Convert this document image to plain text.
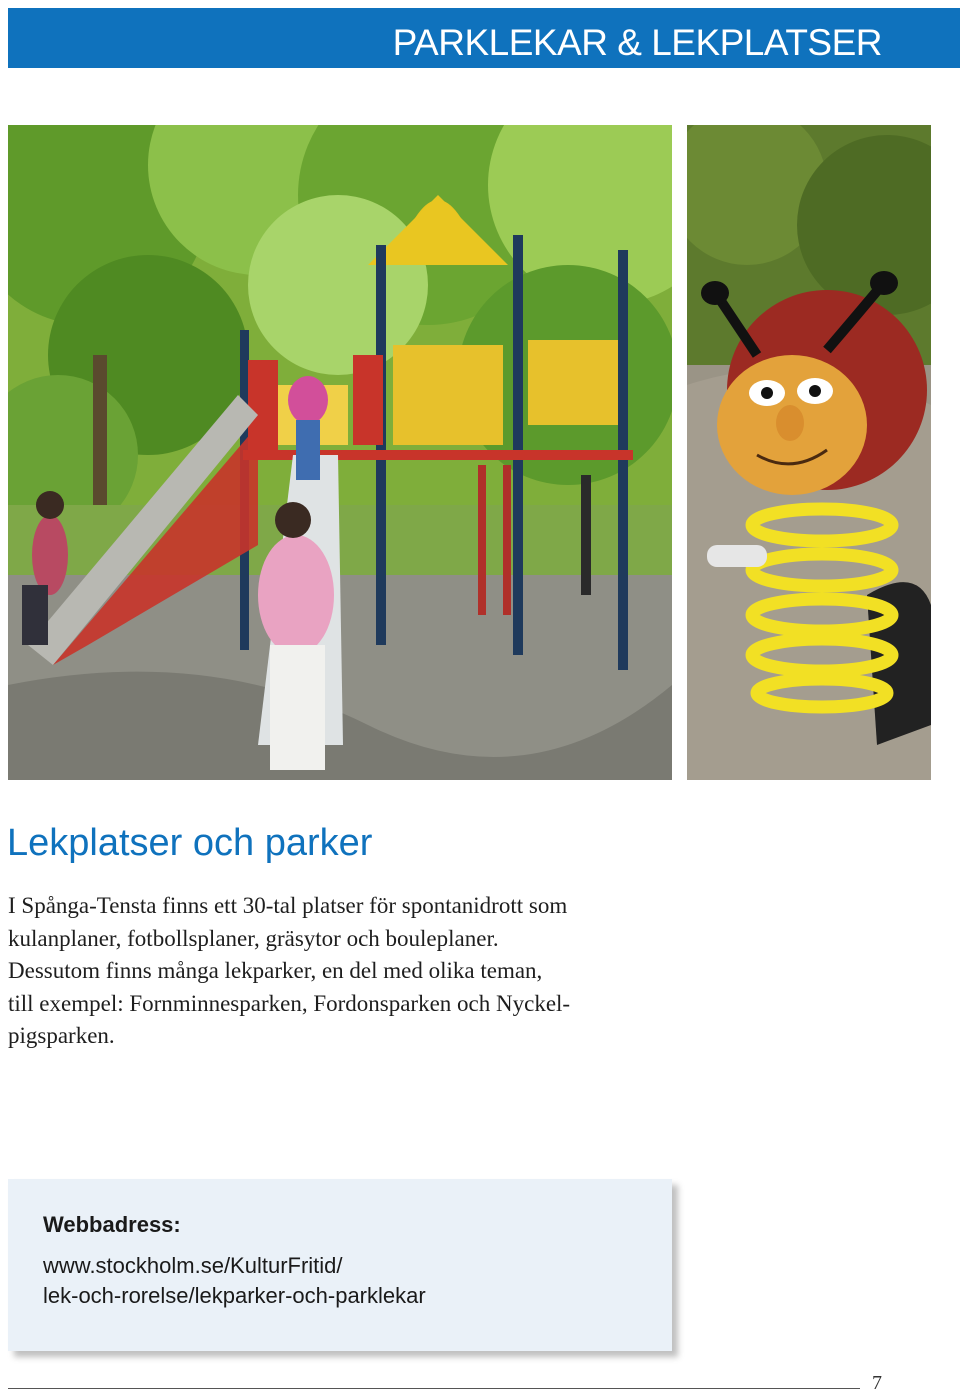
PARKLEKAR & LEKPLATSER
Lekplatser och parker
I Spånga-Tensta finns ett 30-tal platser för spontanidrott som
kulanplaner, fotbollsplaner, gräsytor och bouleplaner.
Dessutom finns många lekparker, en del med olika teman,
till exempel: Fornminnesparken, Fordonsparken och Nyckel-
pigsparken.
Webbadress:
www.stockholm.se/KulturFritid/
lek-och-rorelse/lekparker-och-parklekar
7
